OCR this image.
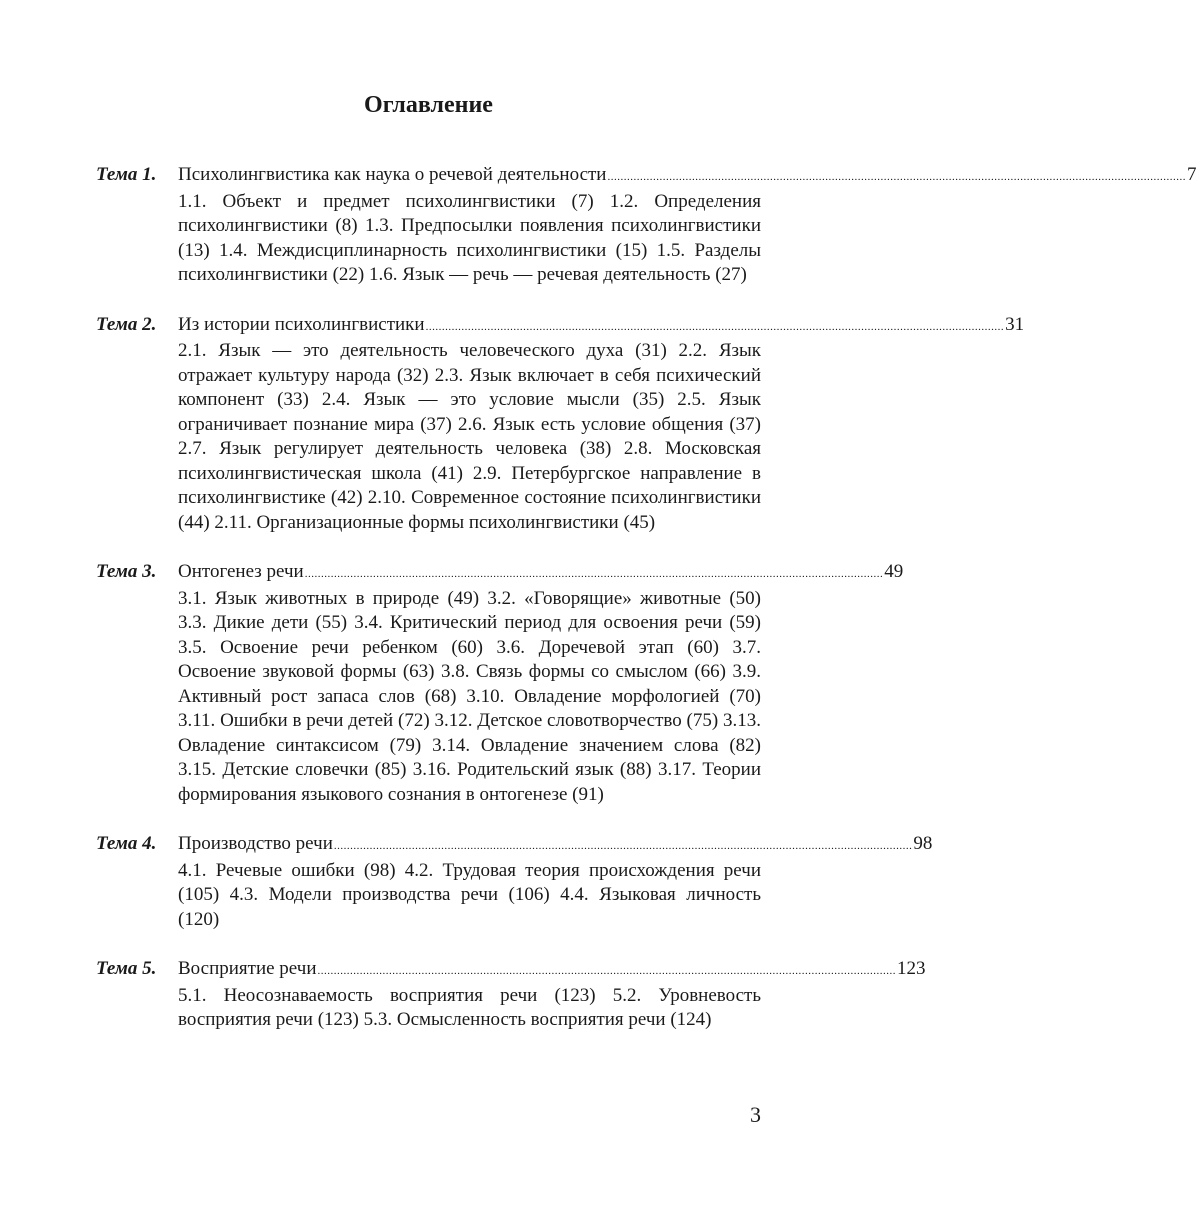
Оглавление
Тема 1.	Психолингвистика как наука о речевой деятельности .................................................................................................................................................................................. 7
1.1. Объект и предмет психолингвистики (7) 1.2. Определения психолингвистики (8) 1.3. Предпосылки появления психолингвистики (13) 1.4. Междисциплинарность психолингвистики (15) 1.5. Разделы психолингвистики (22) 1.6. Язык — речь — речевая деятельность (27)
Тема 2.	Из истории психолингвистики .................................................................................................................................................................................. 31
2.1. Язык — это деятельность человеческого духа (31) 2.2. Язык отражает культуру народа (32) 2.3. Язык включает в себя психический компонент (33) 2.4. Язык — это условие мысли (35) 2.5. Язык ограничивает познание мира (37) 2.6. Язык есть условие общения (37) 2.7. Язык регулирует деятельность человека (38) 2.8. Московская психолингвистическая школа (41) 2.9. Петербургское направление в психолингвистике (42) 2.10. Современное состояние психолингвистики (44) 2.11. Организационные формы психолингвистики (45)
Тема 3.	Онтогенез речи .................................................................................................................................................................................. 49
3.1. Язык животных в природе (49) 3.2. «Говорящие» животные (50) 3.3. Дикие дети (55) 3.4. Критический период для освоения речи (59) 3.5. Освоение речи ребенком (60) 3.6. Доречевой этап (60) 3.7. Освоение звуковой формы (63) 3.8. Связь формы со смыслом (66) 3.9. Активный рост запаса слов (68) 3.10. Овладение морфологией (70) 3.11. Ошибки в речи детей (72) 3.12. Детское словотворчество (75) 3.13. Овладение синтаксисом (79) 3.14. Овладение значением слова (82) 3.15. Детские словечки (85) 3.16. Родительский язык (88) 3.17. Теории формирования языкового сознания в онтогенезе (91)
Тема 4.	Производство речи .................................................................................................................................................................................. 98
4.1. Речевые ошибки (98) 4.2. Трудовая теория происхождения речи (105) 4.3. Модели производства речи (106) 4.4. Языковая личность (120)
Тема 5.	Восприятие речи .................................................................................................................................................................................. 123
5.1. Неосознаваемость восприятия речи (123) 5.2. Уровневость восприятия речи (123) 5.3. Осмысленность восприятия речи (124)
3
